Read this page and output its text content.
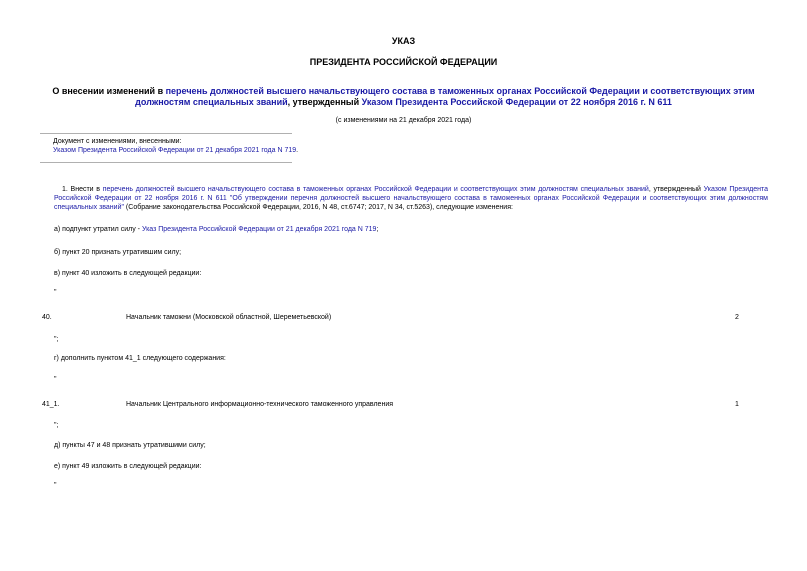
УКАЗ
ПРЕЗИДЕНТА РОССИЙСКОЙ ФЕДЕРАЦИИ
О внесении изменений в перечень должностей высшего начальствующего состава в таможенных органах Российской Федерации и соответствующих этим должностям специальных званий, утвержденный Указом Президента Российской Федерации от 22 ноября 2016 г. N 611
(с изменениями на 21 декабря 2021 года)
Документ с изменениями, внесенными:
Указом Президента Российской Федерации от 21 декабря 2021 года N 719.
1. Внести в перечень должностей высшего начальствующего состава в таможенных органах Российской Федерации и соответствующих этим должностям специальных званий, утвержденный Указом Президента Российской Федерации от 22 ноября 2016 г. N 611 "Об утверждении перечня должностей высшего начальствующего состава в таможенных органах Российской Федерации и соответствующих этим должностям специальных званий" (Собрание законодательства Российской Федерации, 2016, N 48, ст.6747; 2017, N 34, ст.5263), следующие изменения:
а) подпункт утратил силу - Указ Президента Российской Федерации от 21 декабря 2021 года N 719;
б) пункт 20 признать утратившим силу;
в) пункт 40 изложить в следующей редакции:
"
40.	Начальник таможни (Московской областной, Шереметьевской)	2
";
г) дополнить пунктом 41_1 следующего содержания:
"
41_1.	Начальник Центрального информационно-технического таможенного управления	1
";
д) пункты 47 и 48 признать утратившими силу;
е) пункт 49 изложить в следующей редакции:
"
